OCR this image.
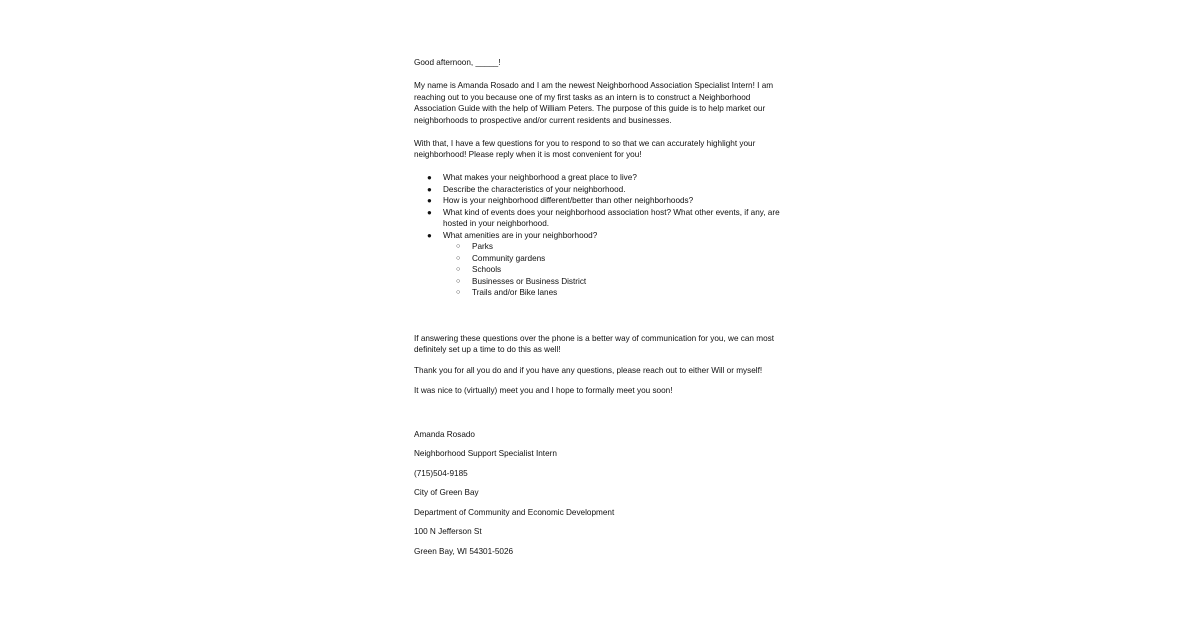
Good afternoon, _____!

My name is Amanda Rosado and I am the newest Neighborhood Association Specialist Intern! I am reaching out to you because one of my first tasks as an intern is to construct a Neighborhood Association Guide with the help of William Peters. The purpose of this guide is to help market our neighborhoods to prospective and/or current residents and businesses.

With that, I have a few questions for you to respond to so that we can accurately highlight your neighborhood! Please reply when it is most convenient for you!

● What makes your neighborhood a great place to live?
● Describe the characteristics of your neighborhood.
● How is your neighborhood different/better than other neighborhoods?
● What kind of events does your neighborhood association host? What other events, if any, are hosted in your neighborhood.
● What amenities are in your neighborhood?
○ Parks
○ Community gardens
○ Schools
○ Businesses or Business District
○ Trails and/or Bike lanes

If answering these questions over the phone is a better way of communication for you, we can most definitely set up a time to do this as well!

Thank you for all you do and if you have any questions, please reach out to either Will or myself!

It was nice to (virtually) meet you and I hope to formally meet you soon!

Amanda Rosado

Neighborhood Support Specialist Intern

(715)504-9185

City of Green Bay

Department of Community and Economic Development

100 N Jefferson St

Green Bay, WI 54301-5026
